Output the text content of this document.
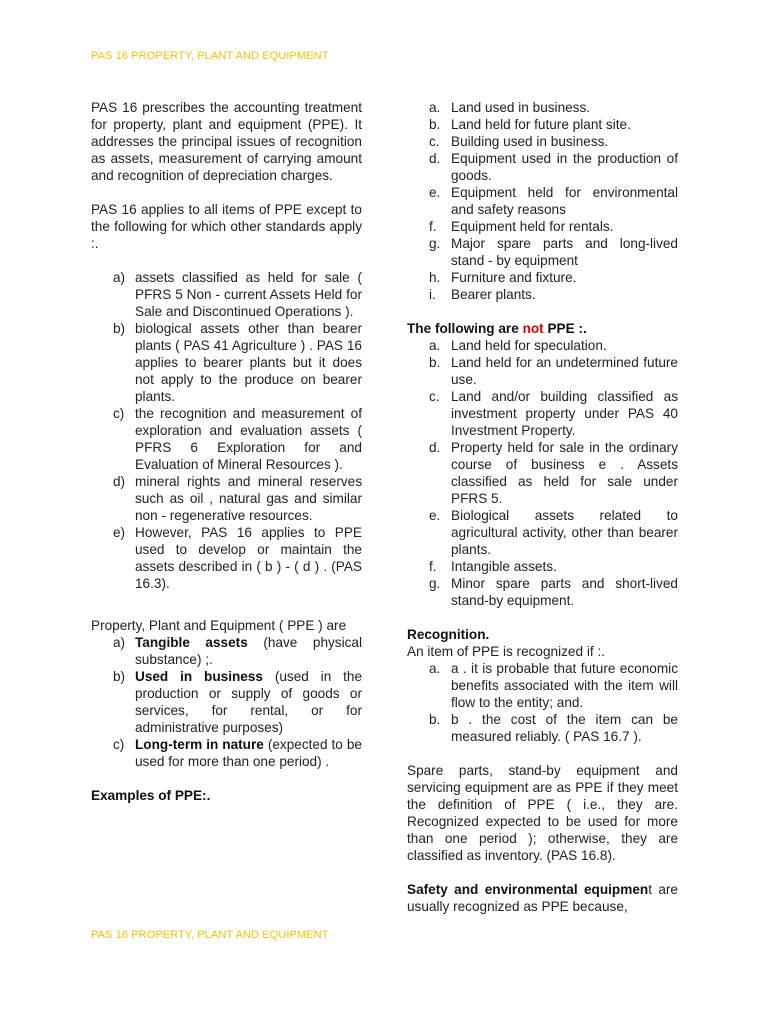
PAS 16 PROPERTY, PLANT AND EQUIPMENT

PAS 16 prescribes the accounting treatment for property, plant and equipment (PPE). It addresses the principal issues of recognition as assets, measurement of carrying amount and recognition of depreciation charges.

PAS 16 applies to all items of PPE except to the following for which other standards apply :.

a) assets classified as held for sale ( PFRS 5 Non - current Assets Held for Sale and Discontinued Operations ).
b) biological assets other than bearer plants ( PAS 41 Agriculture ) . PAS 16 applies to bearer plants but it does not apply to the produce on bearer plants.
c) the recognition and measurement of exploration and evaluation assets ( PFRS 6 Exploration for and Evaluation of Mineral Resources ).
d) mineral rights and mineral reserves such as oil , natural gas and similar non - regenerative resources.
e) However, PAS 16 applies to PPE used to develop or maintain the assets described in ( b ) - ( d ) . (PAS 16.3).

Property, Plant and Equipment ( PPE ) are

a) Tangible assets (have physical substance) ;.
b) Used in business (used in the production or supply of goods or services, for rental, or for administrative purposes)
c) Long-term in nature (expected to be used for more than one period) .

Examples of PPE:.

a. Land used in business.
b. Land held for future plant site.
c. Building used in business.
d. Equipment used in the production of goods.
e. Equipment held for environmental and safety reasons
f.	Equipment held for rentals.
g. Major spare parts and long-lived stand - by equipment
h. Furniture and fixture.
i.	Bearer plants.

The following are not PPE :.

a. Land held for speculation.
b. Land held for an undetermined future use.
c. Land and/or building classified as investment property under PAS 40 Investment Property.
d. Property held for sale in the ordinary course of business e . Assets classified as held for sale under PFRS 5.
e. Biological assets related to agricultural activity, other than bearer plants.
f.	Intangible assets.
g. Minor spare parts and short-lived stand-by equipment.

Recognition.

An item of PPE is recognized if :.

a. a . it is probable that future economic benefits associated with the item will flow to the entity; and.
b. b . the cost of the item can be measured reliably. ( PAS 16.7 ).

Spare parts, stand-by equipment and servicing equipment are as PPE if they meet the definition of PPE ( i.e., they are. Recognized expected to be used for more than one period ); otherwise, they are classified as inventory. (PAS 16.8).

Safety and environmental equipment are usually recognized as PPE because,

PAS 16 PROPERTY, PLANT AND EQUIPMENT
